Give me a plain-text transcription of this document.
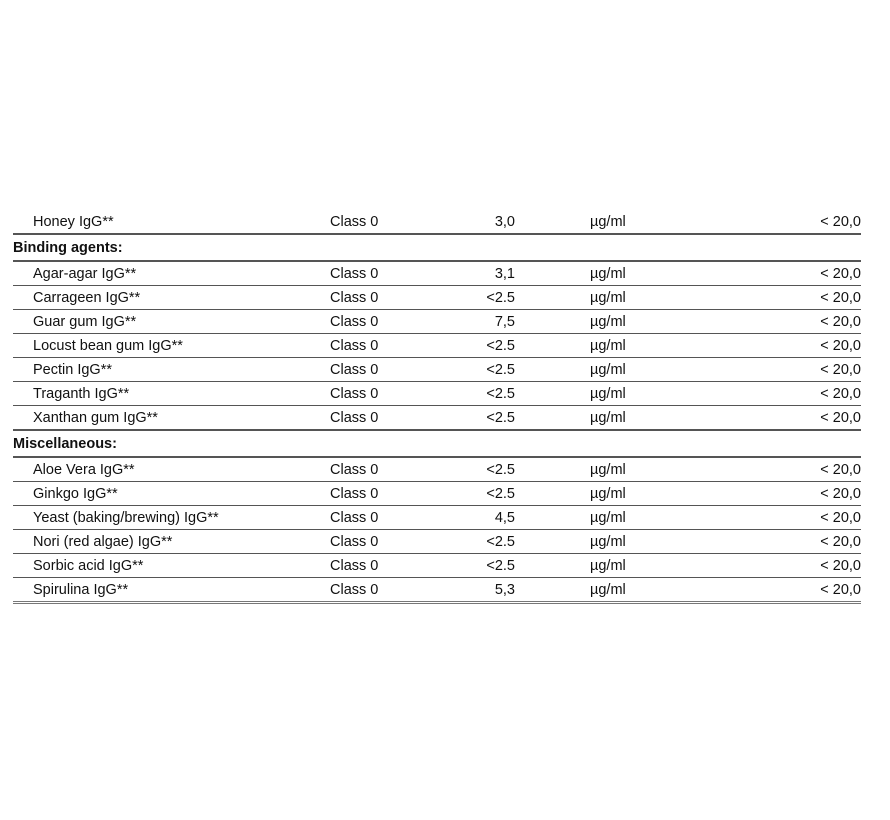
Honey IgG**	Class 0	3,0	µg/ml	< 20,0
Binding agents:
Agar-agar IgG**	Class 0	3,1	µg/ml	< 20,0
Carrageen IgG**	Class 0	<2.5	µg/ml	< 20,0
Guar gum IgG**	Class 0	7,5	µg/ml	< 20,0
Locust bean gum IgG**	Class 0	<2.5	µg/ml	< 20,0
Pectin IgG**	Class 0	<2.5	µg/ml	< 20,0
Traganth IgG**	Class 0	<2.5	µg/ml	< 20,0
Xanthan gum IgG**	Class 0	<2.5	µg/ml	< 20,0
Miscellaneous:
Aloe Vera IgG**	Class 0	<2.5	µg/ml	< 20,0
Ginkgo IgG**	Class 0	<2.5	µg/ml	< 20,0
Yeast (baking/brewing) IgG**	Class 0	4,5	µg/ml	< 20,0
Nori (red algae) IgG**	Class 0	<2.5	µg/ml	< 20,0
Sorbic acid IgG**	Class 0	<2.5	µg/ml	< 20,0
Spirulina IgG**	Class 0	5,3	µg/ml	< 20,0
